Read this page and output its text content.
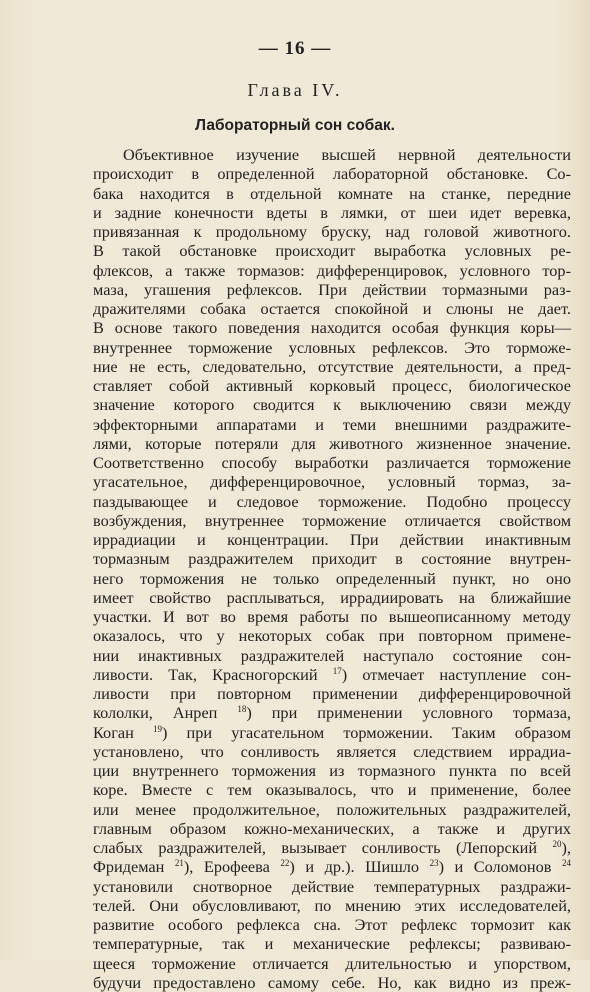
— 16 —
Глава IV.
Лабораторный сон собак.
Объективное изучение высшей нервной деятельности
происходит в определенной лабораторной обстановке. Со-
бака находится в отдельной комнате на станке, передние
и задние конечности вдеты в лямки, от шеи идет веревка,
привязанная к продольному бруску, над головой животного.
В такой обстановке происходит выработка условных ре-
флексов, а также тормазов: дифференцировок, условного тор-
маза, угашения рефлексов. При действии тормазными раз-
дражителями собака остается спокойной и слюны не дает.
В основе такого поведения находится особая функция коры—
внутреннее торможение условных рефлексов. Это торможе-
ние не есть, следовательно, отсутствие деятельности, а пред-
ставляет собой активный корковый процесс, биологическое
значение которого сводится к выключению связи между
эффекторными аппаратами и теми внешними раздражите-
лями, которые потеряли для животного жизненное значение.
Соответственно способу выработки различается торможение
угасательное, дифференцировочное, условный тормаз, за-
паздывающее и следовое торможение. Подобно процессу
возбуждения, внутреннее торможение отличается свойством
иррадиации и концентрации. При действии инактивным
тормазным раздражителем приходит в состояние внутрен-
него торможения не только определенный пункт, но оно
имеет свойство расплываться, иррадиировать на ближайшие
участки. И вот во время работы по вышеописанному методу
оказалось, что у некоторых собак при повторном примене-
нии инактивных раздражителей наступало состояние сон-
ливости. Так, Красногорский $^{17}$) отмечает наступление сон-
ливости при повторном применении дифференцировочной
кололки, Анреп $^{18}$) при применении условного тормаза,
Коган $^{19}$) при угасательном торможении. Таким образом
установлено, что сонливость является следствием иррадиа-
ции внутреннего торможения из тормазного пункта по всей
коре. Вместе с тем оказывалось, что и применение, более
или менее продолжительное, положительных раздражителей,
главным образом кожно-механических, а также и других
слабых раздражителей, вызывает сонливость (Лепорский $^{20}$),
Фридеман $^{21}$), Ерофеева $^{22}$) и др.). Шишло $^{23}$) и Соломонов $^{24}$
установили снотворное действие температурных раздражи-
телей. Они обусловливают, по мнению этих исследователей,
развитие особого рефлекса сна. Этот рефлекс тормозит как
температурные, так и механические рефлексы; развиваю-
щееся торможение отличается длительностью и упорством,
будучи предоставлено самому себе. Но, как видно из преж-
